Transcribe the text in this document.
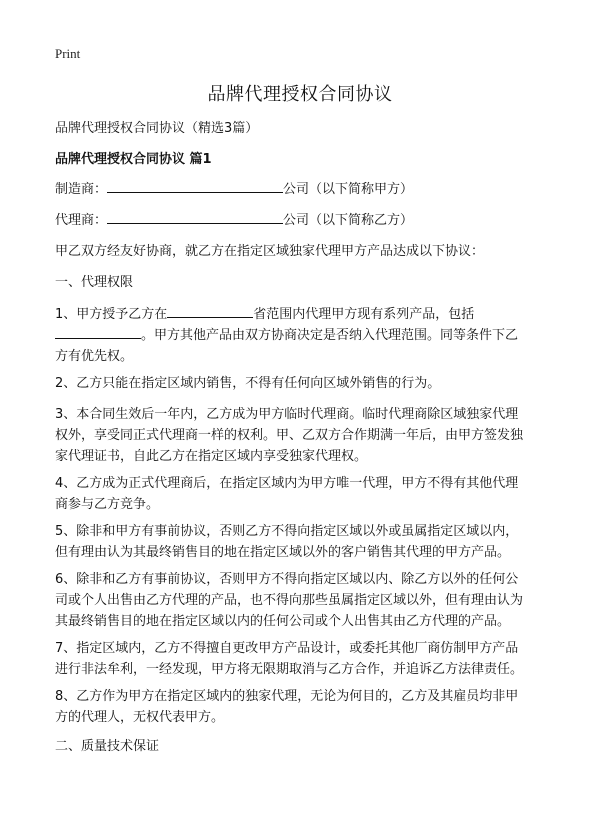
Print
品牌代理授权合同协议
品牌代理授权合同协议（精选3篇）
品牌代理授权合同协议 篇1
制造商：	公司（以下简称甲方）
代理商：	公司（以下简称乙方）
甲乙双方经友好协商，就乙方在指定区域独家代理甲方产品达成以下协议：
一、代理权限
1、甲方授予乙方在	省范围内代理甲方现有系列产品，包括
。甲方其他产品由双方协商决定是否纳入代理范围。同等条件下乙
方有优先权。
2、乙方只能在指定区域内销售，不得有任何向区域外销售的行为。
3、本合同生效后一年内，乙方成为甲方临时代理商。临时代理商除区域独家代理
权外，享受同正式代理商一样的权利。甲、乙双方合作期满一年后，由甲方签发独
家代理证书，自此乙方在指定区域内享受独家代理权。
4、乙方成为正式代理商后，在指定区域内为甲方唯一代理，甲方不得有其他代理
商参与乙方竞争。
5、除非和甲方有事前协议，否则乙方不得向指定区域以外或虽属指定区域以内，
但有理由认为其最终销售目的地在指定区域以外的客户销售其代理的甲方产品。
6、除非和乙方有事前协议，否则甲方不得向指定区域以内、除乙方以外的任何公
司或个人出售由乙方代理的产品，也不得向那些虽属指定区域以外，但有理由认为
其最终销售目的地在指定区域以内的任何公司或个人出售其由乙方代理的产品。
7、指定区域内，乙方不得擅自更改甲方产品设计，或委托其他厂商仿制甲方产品
进行非法牟利，一经发现，甲方将无限期取消与乙方合作，并追诉乙方法律责任。
8、乙方作为甲方在指定区域内的独家代理，无论为何目的，乙方及其雇员均非甲
方的代理人，无权代表甲方。
二、质量技术保证
